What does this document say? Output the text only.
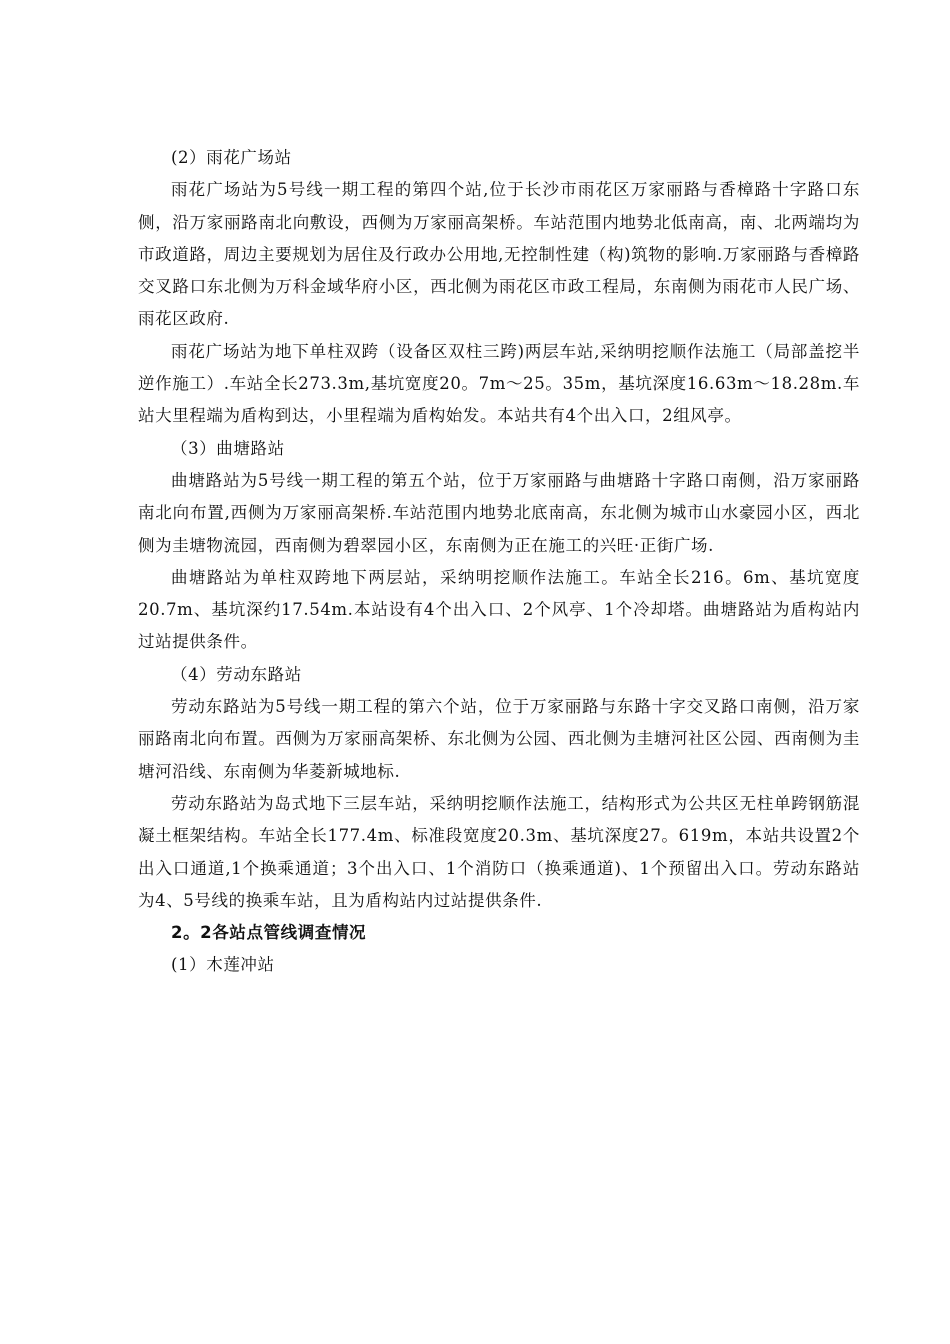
(2）雨花广场站

雨花广场站为5号线一期工程的第四个站,位于长沙市雨花区万家丽路与香樟路十字路口东侧，沿万家丽路南北向敷设，西侧为万家丽高架桥。车站范围内地势北低南高，南、北两端均为市政道路，周边主要规划为居住及行政办公用地,无控制性建（构)筑物的影响.万家丽路与香樟路交叉路口东北侧为万科金域华府小区，西北侧为雨花区市政工程局，东南侧为雨花市人民广场、雨花区政府.

雨花广场站为地下单柱双跨（设备区双柱三跨)两层车站,采纳明挖顺作法施工（局部盖挖半逆作施工）.车站全长273.3m,基坑宽度20。7m～25。35m，基坑深度16.63m～18.28m.车站大里程端为盾构到达，小里程端为盾构始发。本站共有4个出入口，2组风亭。

（3）曲塘路站

曲塘路站为5号线一期工程的第五个站，位于万家丽路与曲塘路十字路口南侧，沿万家丽路南北向布置,西侧为万家丽高架桥.车站范围内地势北底南高，东北侧为城市山水豪园小区，西北侧为圭塘物流园，西南侧为碧翠园小区，东南侧为正在施工的兴旺·正街广场.

曲塘路站为单柱双跨地下两层站，采纳明挖顺作法施工。车站全长216。6m、基坑宽度20.7m、基坑深约17.54m.本站设有4个出入口、2个风亭、1个冷却塔。曲塘路站为盾构站内过站提供条件。

（4）劳动东路站

劳动东路站为5号线一期工程的第六个站，位于万家丽路与东路十字交叉路口南侧，沿万家丽路南北向布置。西侧为万家丽高架桥、东北侧为公园、西北侧为圭塘河社区公园、西南侧为圭塘河沿线、东南侧为华菱新城地标.

劳动东路站为岛式地下三层车站，采纳明挖顺作法施工，结构形式为公共区无柱单跨钢筋混凝土框架结构。车站全长177.4m、标准段宽度20.3m、基坑深度27。619m，本站共设置2个出入口通道,1个换乘通道；3个出入口、1个消防口（换乘通道)、1个预留出入口。劳动东路站为4、5号线的换乘车站，且为盾构站内过站提供条件.

2。2各站点管线调查情况

(1）木莲冲站
